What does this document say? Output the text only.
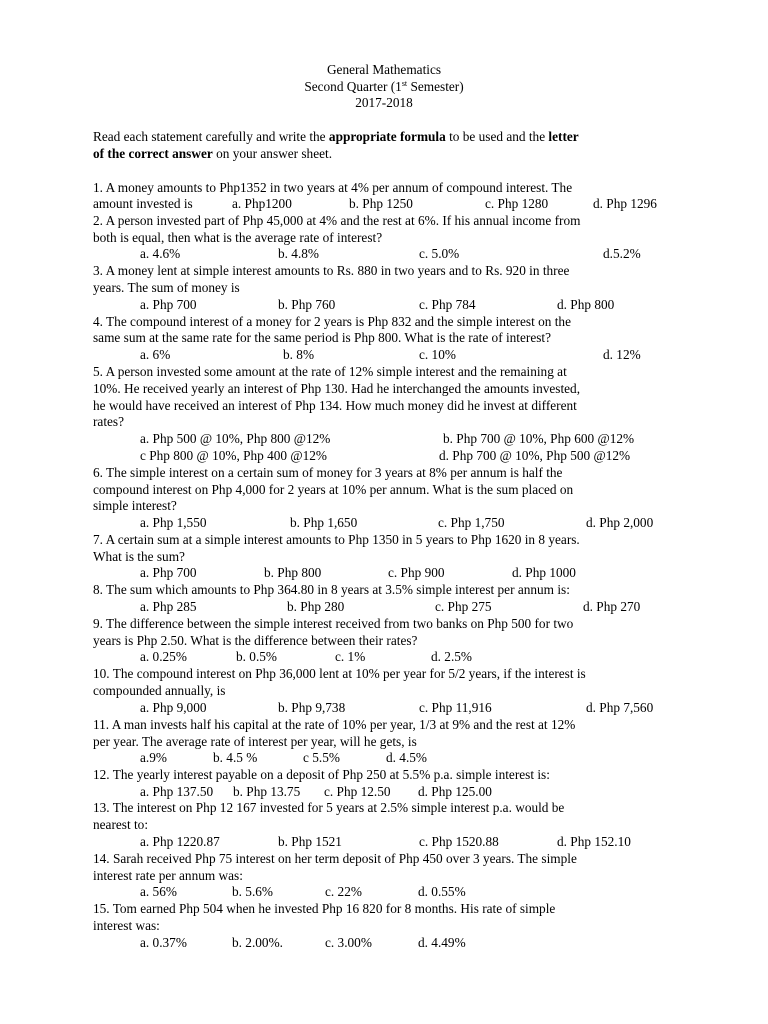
General Mathematics
Second Quarter (1st Semester)
2017-2018
Read each statement carefully and write the appropriate formula to be used and the letter
of the correct answer on your answer sheet.
1. A money amounts to Php1352 in two years at 4% per annum of compound interest. The
amount invested is	a. Php1200	b. Php 1250	c. Php 1280	d. Php 1296
2. A person invested part of Php 45,000 at 4% and the rest at 6%. If his annual income from
both is equal, then what is the average rate of interest?
a. 4.6%	b. 4.8%	c. 5.0%	d.5.2%
3. A money lent at simple interest amounts to Rs. 880 in two years and to Rs. 920 in three
years. The sum of money is
a. Php 700	b. Php 760	c. Php 784	d. Php 800
4. The compound interest of a money for 2 years is Php 832 and the simple interest on the
same sum at the same rate for the same period is Php 800. What is the rate of interest?
a. 6%	b. 8%	c. 10%	d. 12%
5. A person invested some amount at the rate of 12% simple interest and the remaining at
10%. He received yearly an interest of Php 130. Had he interchanged the amounts invested,
he would have received an interest of Php 134. How much money did he invest at different
rates?
a. Php 500 @ 10%, Php 800 @12%	b. Php 700 @ 10%, Php 600 @12%
c Php 800 @ 10%, Php 400 @12%	d. Php 700 @ 10%, Php 500 @12%
6. The simple interest on a certain sum of money for 3 years at 8% per annum is half the
compound interest on Php 4,000 for 2 years at 10% per annum. What is the sum placed on
simple interest?
a. Php 1,550	b. Php 1,650	c. Php 1,750	d. Php 2,000
7. A certain sum at a simple interest amounts to Php 1350 in 5 years to Php 1620 in 8 years.
What is the sum?
a. Php 700	b. Php 800	c. Php 900	d. Php 1000
8. The sum which amounts to Php 364.80 in 8 years at 3.5% simple interest per annum is:
a. Php 285	b. Php 280	c. Php 275	d. Php 270
9. The difference between the simple interest received from two banks on Php 500 for two
years is Php 2.50. What is the difference between their rates?
a. 0.25%	b. 0.5%	c. 1%	d. 2.5%
10. The compound interest on Php 36,000 lent at 10% per year for 5/2 years, if the interest is
compounded annually, is
a. Php 9,000	b. Php 9,738	c. Php 11,916	d. Php 7,560
11. A man invests half his capital at the rate of 10% per year, 1/3 at 9% and the rest at 12%
per year. The average rate of interest per year, will he gets, is
a.9%	b. 4.5 %	c 5.5%	d. 4.5%
12. The yearly interest payable on a deposit of Php 250 at 5.5% p.a. simple interest is:
a. Php 137.50 b. Php 13.75 c. Php 12.50 d. Php 125.00
13. The interest on Php 12 167 invested for 5 years at 2.5% simple interest p.a. would be
nearest to:
a. Php 1220.87	b. Php 1521	c. Php 1520.88	d. Php 152.10
14. Sarah received Php 75 interest on her term deposit of Php 450 over 3 years. The simple
interest rate per annum was:
a. 56%	b. 5.6%	c. 22%	d. 0.55%
15. Tom earned Php 504 when he invested Php 16 820 for 8 months. His rate of simple
interest was:
a. 0.37%	b. 2.00%.	c. 3.00%	d. 4.49%
